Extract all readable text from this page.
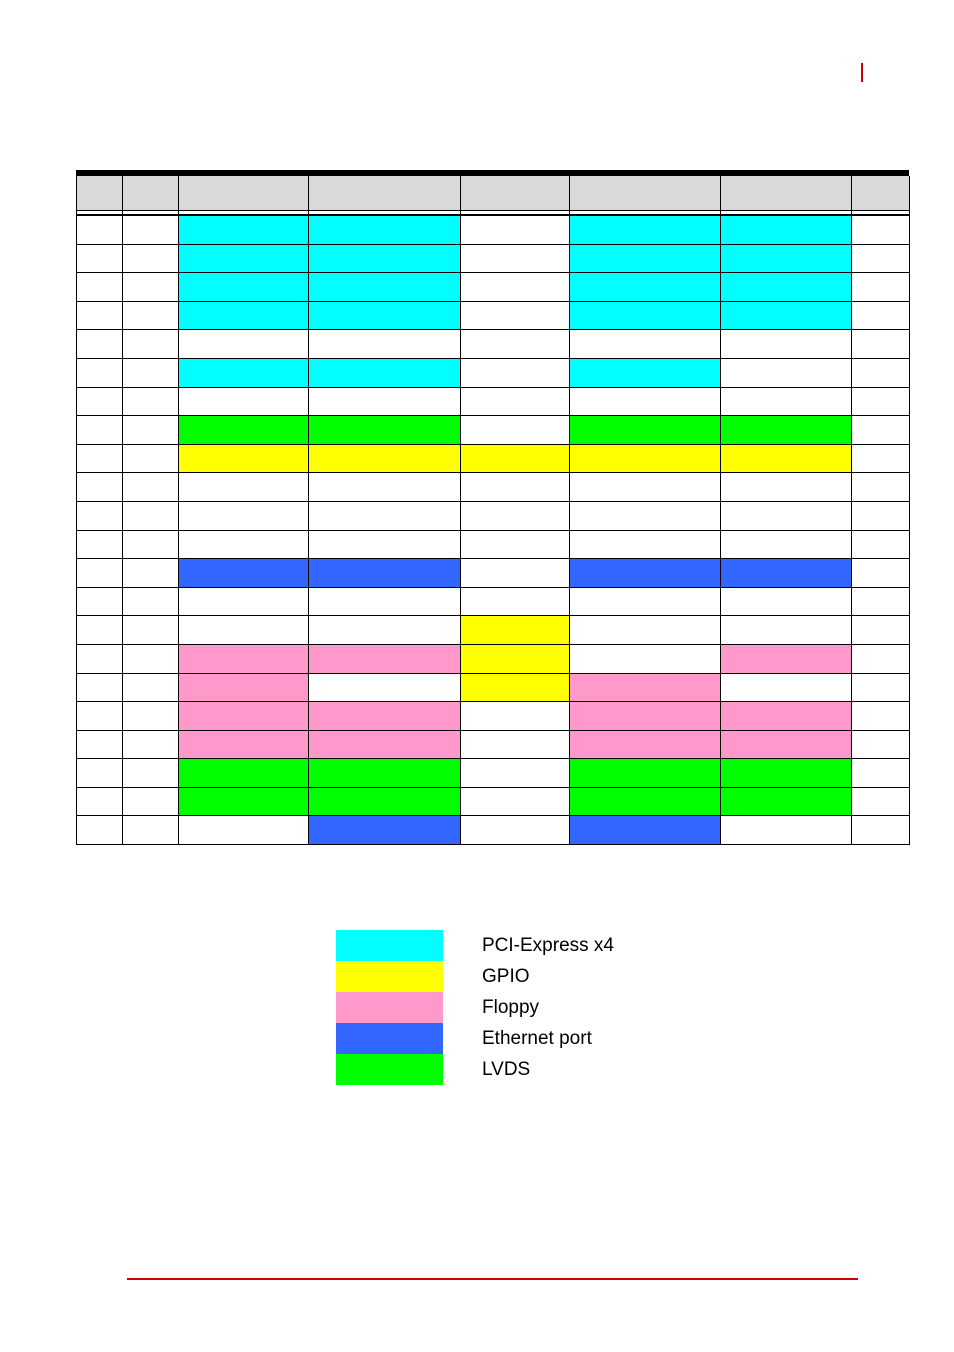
PCI-Express x4
GPIO
Floppy
Ethernet port
LVDS
